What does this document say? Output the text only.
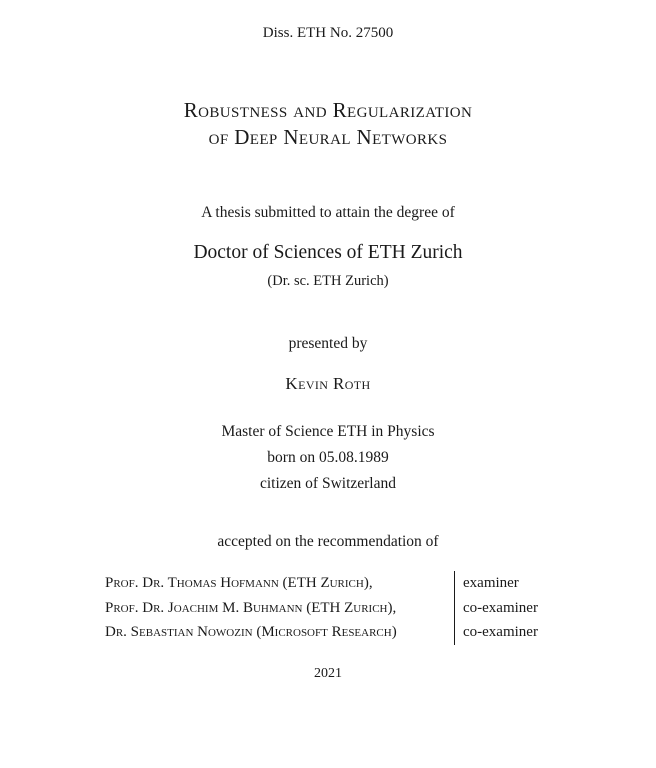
Diss. ETH No. 27500
Robustness and Regularization
of Deep Neural Networks
A thesis submitted to attain the degree of
Doctor of Sciences of ETH Zurich
(Dr. sc. ETH Zurich)
presented by
Kevin Roth
Master of Science ETH in Physics
born on 05.08.1989
citizen of Switzerland
accepted on the recommendation of
Prof. Dr. Thomas Hofmann (ETH Zurich),	examiner
Prof. Dr. Joachim M. Buhmann (ETH Zurich),	co-examiner
Dr. Sebastian Nowozin (Microsoft Research)	co-examiner
2021
